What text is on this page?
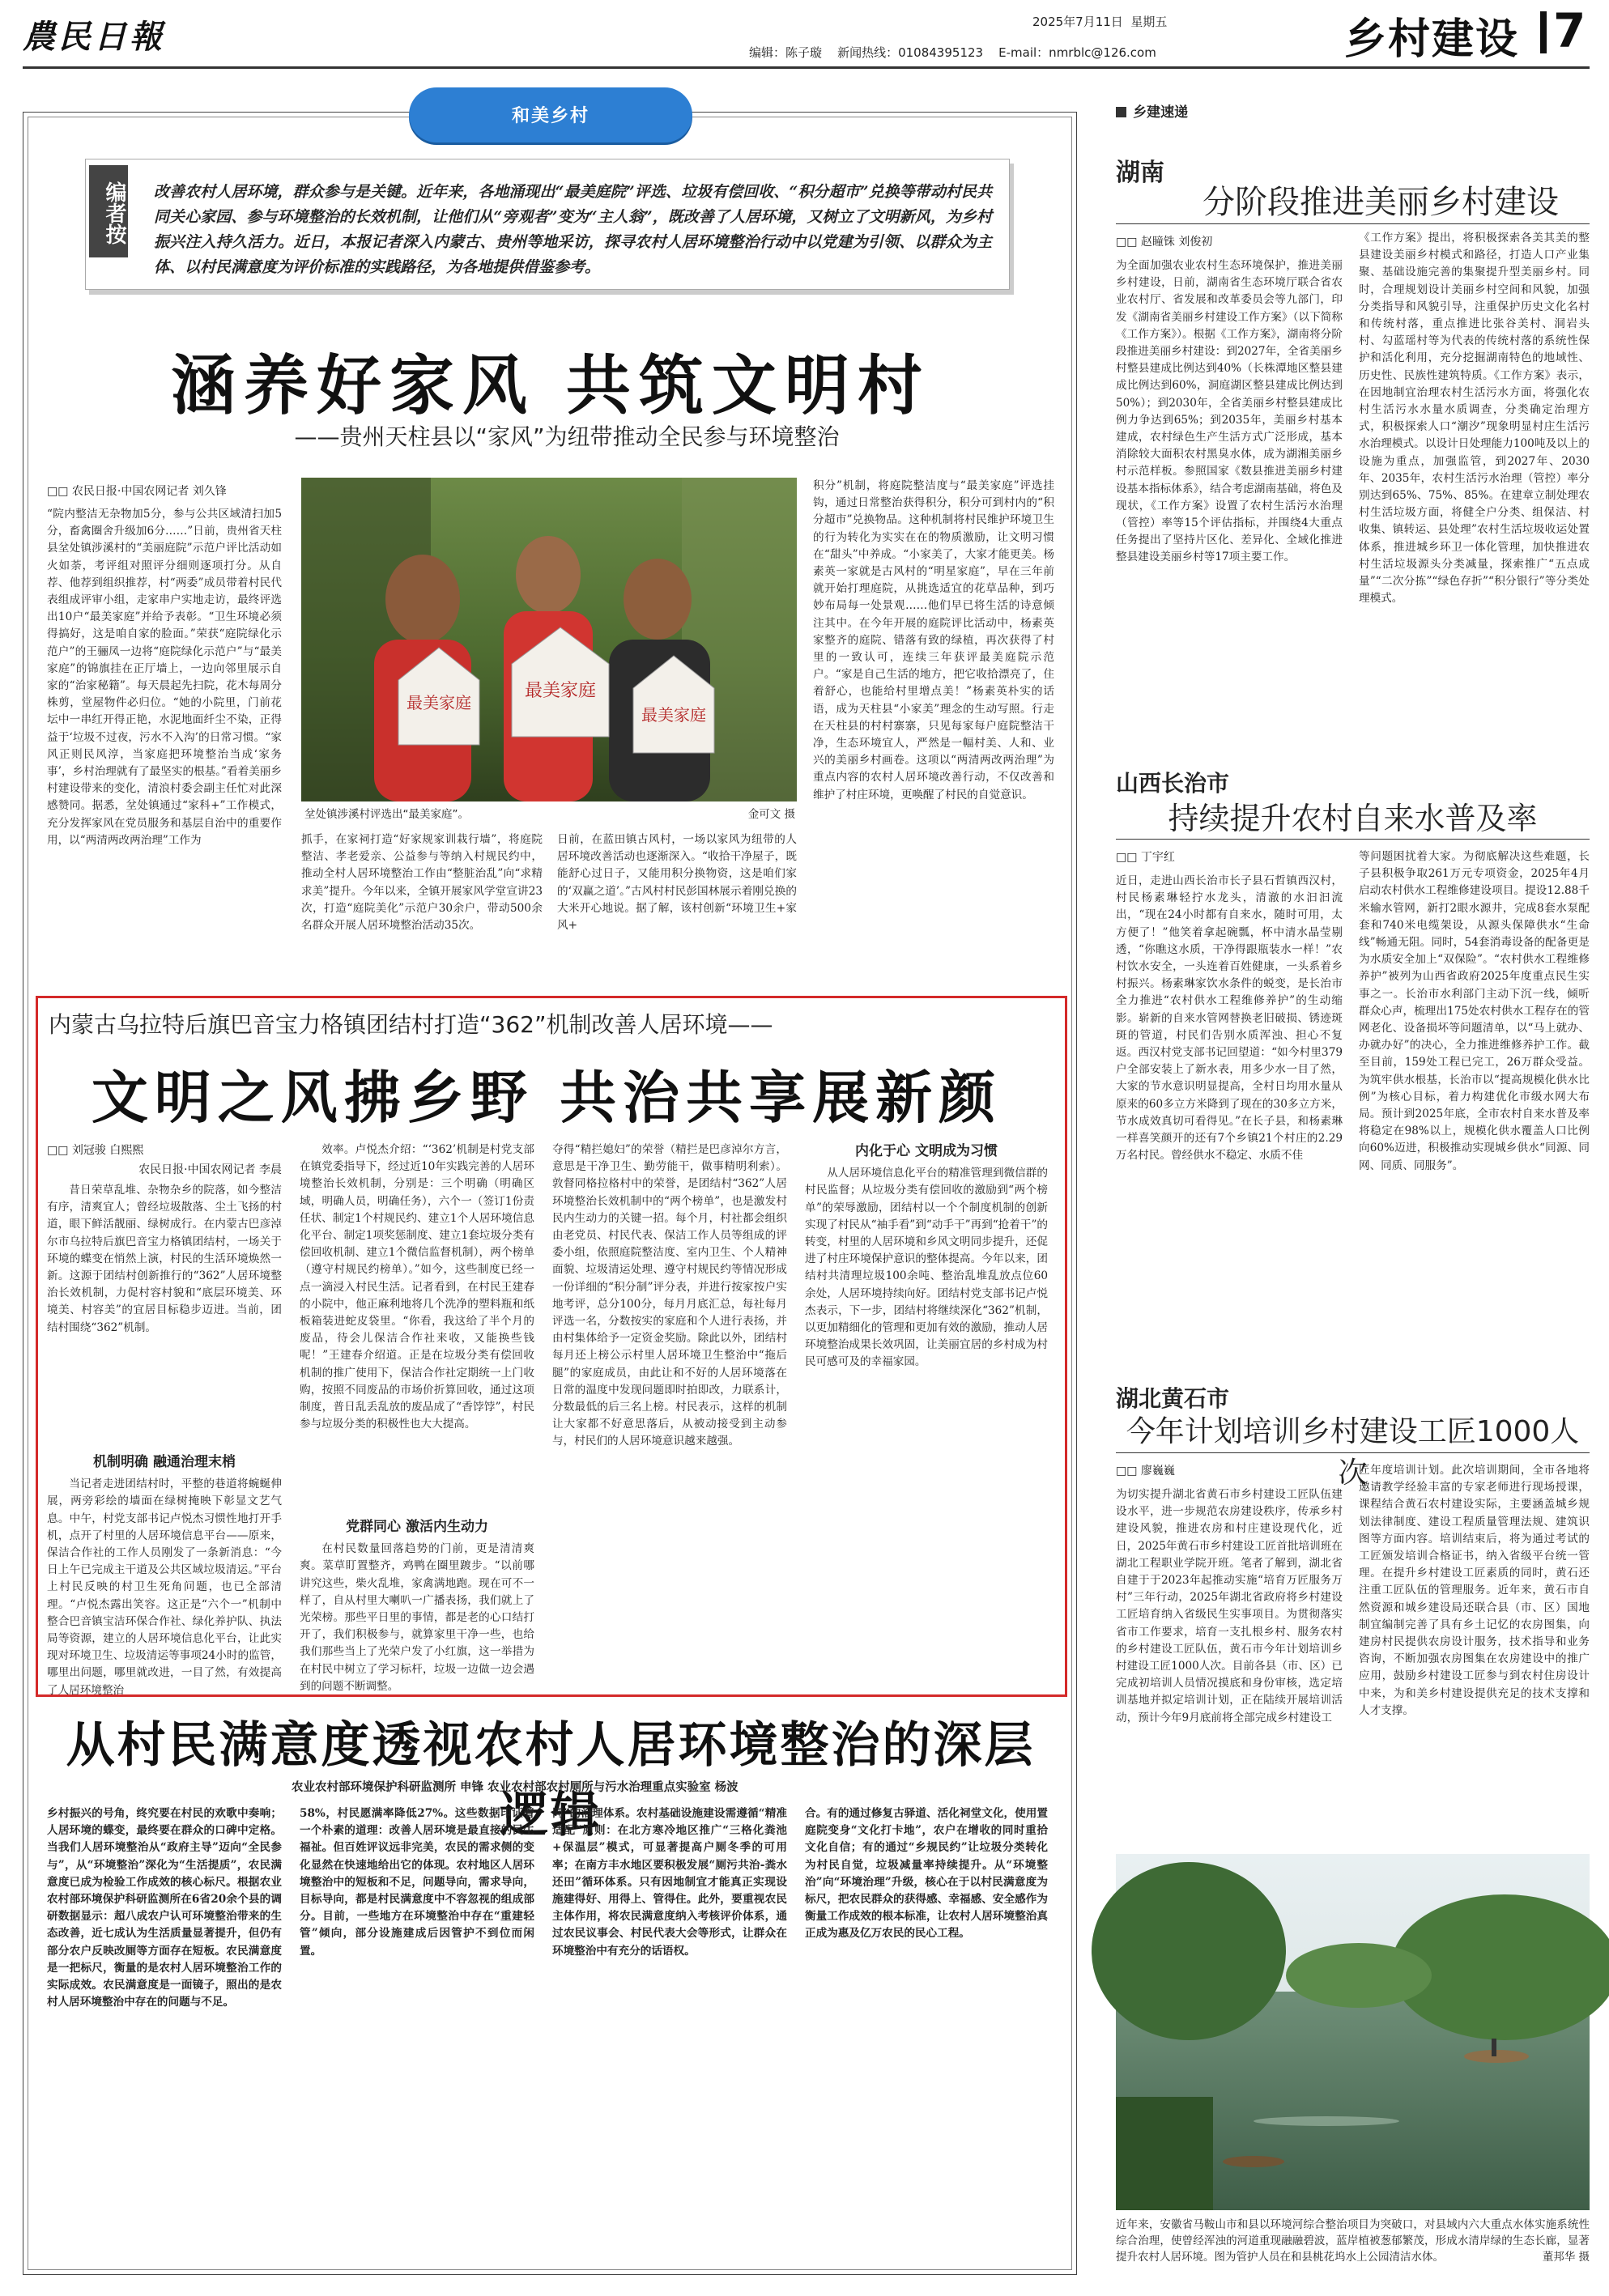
農民日報	2025年7月11日 星期五
编辑：陈子璇 新闻热线：01084395123 E-mail：nmrblc@126.com	乡村建设 7
和美乡村
编者按 改善农村人居环境，群众参与是关键。近年来，各地涌现出“最美庭院”评选、垃圾有偿回收、“积分超市”兑换等带动村民共同关心家园、参与环境整治的长效机制，让他们从“旁观者”变为“主人翁”，既改善了人居环境，又树立了文明新风，为乡村振兴注入持久活力。近日，本报记者深入内蒙古、贵州等地采访，探寻农村人居环境整治行动中以党建为引领、以群众为主体、以村民满意度为评价标准的实践路径，为各地提供借鉴参考。
涵养好家风 共筑文明村
——贵州天柱县以“家风”为纽带推动全民参与环境整治
□□ 农民日报·中国农网记者 刘久锋
“院内整洁无杂物加5分，参与公共区域清扫加5分，畜禽圈舍升级加6分……”日前，贵州省天柱县坌处镇涉溪村的“美丽庭院”示范户评比活动如火如荼，考评组对照评分细则逐项打分。从自荐、他荐到组织推荐，村“两委”成员带着村民代表组成评审小组，走家串户实地走访，最终评选出10户“最美家庭”并给予表彰。“卫生环境必须得搞好，这是咱自家的脸面。”荣获“庭院绿化示范户”的王骊凤一边将“庭院绿化示范户”与“最美家庭”的锦旗挂在正厅墙上，一边向邻里展示自家的“治家秘籍”。每天晨起先扫院，花木每周分株剪，堂屋物件必归位。“她的小院里，门前花坛中一串红开得正艳，水泥地面纤尘不染，正得益于‘垃圾不过夜，污水不入沟’的日常习惯。“家风正则民风淳，当家庭把环境整治当成‘家务事’，乡村治理就有了最坚实的根基。”看着美丽乡村建设带来的变化，清浪村委会副主任忙对此深感赞同。据悉，坌处镇通过“家科+”工作模式，充分发挥家风在党员服务和基层自治中的重要作用，以“两清两改两治理”工作为
最美家庭
最美家庭
最美家庭
坌处镇涉溪村评选出“最美家庭”。	金可文 摄
抓手，在家祠打造“好家规家训栽行墙”，将庭院整洁、孝老爱亲、公益参与等纳入村规民约中，推动全村人居环境整治工作由“整脏治乱”向“求精求美”提升。今年以来，全镇开展家风学堂宣讲23次，打造“庭院美化”示范户30余户，带动500余名群众开展人居环境整治活动35次。
日前，在蓝田镇古风村，一场以家风为纽带的人居环境改善活动也逐渐深入。“收拾干净屋子，既能舒心过日子，又能用积分换物资，这是咱们家的‘双赢之道’。”古风村村民彭国林展示着刚兑换的大米开心地说。据了解，该村创新“环境卫生+家风+
积分”机制，将庭院整洁度与“最美家庭”评选挂钩，通过日常整治获得积分，积分可到村内的“积分超市”兑换物品。这种机制将村民维护环境卫生的行为转化为实实在在的物质激励，让文明习惯在“甜头”中养成。“小家美了，大家才能更美。杨素英一家就是古风村的“明星家庭”，早在三年前就开始打理庭院，从挑选适宜的花草品种，到巧妙布局每一处景观……他们早已将生活的诗意倾注其中。在今年开展的庭院评比活动中，杨素英家整齐的庭院、错落有致的绿植，再次获得了村里的一致认可，连续三年获评最美庭院示范户。“家是自己生活的地方，把它收拾漂亮了，住着舒心，也能给村里增点美！”杨素英朴实的话语，成为天柱县“小家美”理念的生动写照。行走在天柱县的村村寨寨，只见每家每户庭院整洁干净，生态环境宜人，严然是一幅村美、人和、业兴的美丽乡村画卷。这项以“两清两改两治理”为重点内容的农村人居环境改善行动，不仅改善和维护了村庄环境，更唤醒了村民的自觉意识。
内蒙古乌拉特后旗巴音宝力格镇团结村打造“362”机制改善人居环境——
文明之风拂乡野 共治共享展新颜
□□ 刘冠骏 白熙熙
农民日报·中国农网记者 李晨
昔日荣草乱堆、杂物杂乡的院落，如今整洁有序，清爽宜人；曾经垃圾散落、尘土飞扬的村道，眼下鲜活靓丽、绿树成行。在内蒙古巴彦淖尔市乌拉特后旗巴音宝力格镇团结村，一场关于环境的蝶变在悄然上演，村民的生活环境焕然一新。这源于团结村创新推行的“362”人居环境整治长效机制，力促村容村貌和“底层环境美、环境美、村容美”的宜居目标稳步迈进。当前，团结村围绕“362”机制。
机制明确 融通治理末梢
当记者走进团结村时，平整的巷道将蜿蜒伸展，两旁彩绘的墙面在绿树掩映下彰显文艺气息。中午，村党支部书记卢悦杰习惯性地打开手机，点开了村里的人居环境信息平台——原来，保洁合作社的工作人员刚发了一条新消息：“今日上午已完成主干道及公共区域垃圾清运。”平台上村民反映的村卫生死角问题，也已全部清理。“卢悦杰露出笑容。这正是“六个一”机制中整合巴音镇宝洁环保合作社、绿化养护队、执法局等资源，建立的人居环境信息化平台，让此实现对环境卫生、垃圾清运等事项24小时的监管，哪里出问题，哪里就改进，一目了然，有效提高了人居环境整治
效率。卢悦杰介绍：“‘362’机制是村党支部在镇党委指导下，经过近10年实践完善的人居环境整治长效机制，分别是：三个明确（明确区域，明确人员，明确任务），六个一（签订1份责任状、制定1个村规民约、建立1个人居环境信息化平台、制定1项奖惩制度、建立1套垃圾分类有偿回收机制、建立1个微信监督机制），两个榜单（遵守村规民约榜单）。”如今，这些制度已经一点一滴浸入村民生活。记者看到，在村民王建春的小院中，他正麻利地将几个洗净的塑料瓶和纸板箱装进蛇皮袋里。“你看，我这给了半个月的废品，待会儿保洁合作社来收，又能换些钱呢！”王建春介绍道。正是在垃圾分类有偿回收机制的推广使用下，保洁合作社定期统一上门收购，按照不同废品的市场价折算回收，通过这项制度，普日乱丢乱放的废品成了“香饽饽”，村民参与垃圾分类的积极性也大大提高。
党群同心 激活内生动力
在村民数量回落趋势的门前，更是清清爽爽。菜草盯置整齐，鸡鸭在圈里踱步。“以前哪讲究这些，柴火乱堆，家禽满地跑。现在可不一样了，自从村里大喇叭一广播表扬，我们就上了光荣榜。那些平日里的事情，都是老的心口结打开了，我们积极参与，就算家里干净一些，也给我们那些当上了光荣户发了小红旗，这一举措为在村民中树立了学习标杆，垃圾一边做一边会遇到的问题不断调整。
夺得“精拦媳妇”的荣誉（精拦是巴彦淖尔方言，意思是干净卫生、勤劳能干，做事精明利索）。敦督同格拉格村中的荣誉，是团结村“362”人居环境整治长效机制中的“两个榜单”，也是激发村民内生动力的关键一招。每个月，村社都会组织由老党员、村民代表、保洁工作人员等组成的评委小组，依照庭院整洁度、室内卫生、个人精神面貌、垃圾清运处理、遵守村规民约等情况形成一份详细的“积分制”评分表，并进行按家按户实地考评，总分100分，每月月底汇总，每社每月评选一名，分数按实的家庭和个人进行表扬，并由村集体给予一定资金奖励。除此以外，团结村每月还上榜公示村里人居环境卫生整治中“拖后腿”的家庭成员，由此让和不好的人居环境落在日常的温度中发现问题即时拍即改，力联系计，分数最低的后三名上榜。村民表示，这样的机制让大家都不好意思落后，从被动接受到主动参与，村民们的人居环境意识越来越强。
内化于心 文明成为习惯
从人居环境信息化平台的精准管理到微信群的村民监督；从垃圾分类有偿回收的激励到“两个榜单”的荣辱激励，团结村以一个个制度机制的创新实现了村民从“袖手看”到“动手干”再到“抢着干”的转变，村里的人居环境和乡风文明同步提升，还促进了村庄环境保护意识的整体提高。今年以来，团结村共清理垃圾100余吨、整治乱堆乱放点位60余处，人居环境持续向好。团结村党支部书记卢悦杰表示，下一步，团结村将继续深化“362”机制，以更加精细化的管理和更加有效的激励，推动人居环境整治成果长效巩固，让美丽宜居的乡村成为村民可感可及的幸福家园。
从村民满意度透视农村人居环境整治的深层逻辑
农业农村部环境保护科研监测所 申锋 农业农村部农村厕所与污水治理重点实验室 杨波
乡村振兴的号角，终究要在村民的欢歌中奏响；人居环境的蝶变，最终要在群众的口碑中定格。当我们人居环境整治从“政府主导”迈向“全民参与”，从“环境整治”深化为“生活提质”，农民满意度已成为检验工作成效的核心标尺。根据农业农村部环境保护科研监测所在6省20余个县的调研数据显示：超八成农户认可环境整治带来的生态改善，近七成认为生活质量显著提升，但仍有部分农户反映改厕等方面存在短板。农民满意度是一把标尺，衡量的是农村人居环境整治工作的实际成效。农民满意度是一面镜子，照出的是农村人居环境整治中存在的问题与不足。
58%，村民愿满率降低27%。这些数据印证着一个朴素的道理：改善人居环境是最直接的民生福祉。但百姓评议远非完美，农民的需求侧的变化显然在快速地给出它的体现。农村地区人居环境整治中的短板和不足，问题导向，需求导向，目标导向，都是村民满意度中不容忽视的组成部分。目前，一些地方在环境整治中存在“重建轻管”倾向，部分设施建成后因管护不到位而闲置。
同”的治理体系。农村基础设施建设需遵循“精准适配”原则：在北方寒冷地区推广“三格化粪池+保温层”模式，可显著提高户厕冬季的可用率；在南方丰水地区要积极发展“厕污共治-粪水还田”循环体系。只有因地制宜才能真正实现设施建得好、用得上、管得住。此外，要重视农民主体作用，将农民满意度纳入考核评价体系，通过农民议事会、村民代表大会等形式，让群众在环境整治中有充分的话语权。
合。有的通过修复古驿道、活化祠堂文化，使用置庭院变身“文化打卡地”，农户在增收的同时重拾文化自信；有的通过“乡规民约”让垃圾分类转化为村民自觉，垃圾减量率持续提升。从“环境整治”向“环境治理”升级，核心在于以村民满意度为标尺，把农民群众的获得感、幸福感、安全感作为衡量工作成效的根本标准，让农村人居环境整治真正成为惠及亿万农民的民心工程。
乡建速递
湖南
分阶段推进美丽乡村建设
□□ 赵瞳铢 刘俊初
为全面加强农业农村生态环境保护，推进美丽乡村建设，日前，湖南省生态环境厅联合省农业农村厅、省发展和改革委员会等九部门，印发《湖南省美丽乡村建设工作方案》（以下简称《工作方案》）。根据《工作方案》，湖南将分阶段推进美丽乡村建设：到2027年，全省美丽乡村整县建成比例达到40%（长株潭地区整县建成比例达到60%，洞庭湖区整县建成比例达到50%）；到2030年，全省美丽乡村整县建成比例力争达到65%；到2035年，美丽乡村基本建成，农村绿色生产生活方式广泛形成，基本消除较大面积农村黑臭水体，成为湖湘美丽乡村示范样板。参照国家《数县推进美丽乡村建设基本指标体系》，结合考虑湖南基础，将色及现状，《工作方案》设置了农村生活污水治理（管控）率等15个评估指标，并围绕4大重点任务提出了坚持片区化、差异化、全域化推进整县建设美丽乡村等17项主要工作。
《工作方案》提出，将积极探索各美其美的整县建设美丽乡村模式和路径，打造人口产业集聚、基础设施完善的集聚提升型美丽乡村。同时，合理规划设计美丽乡村空间和风貌，加强分类指导和风貌引导，注重保护历史文化名村和传统村落，重点推进比张谷美村、洞岩头村、勾蓝瑶村等为代表的传统村落的系统性保护和活化利用，充分挖掘湖南特色的地域性、历史性、民族性建筑特质。《工作方案》表示，在因地制宜治理农村生活污水方面，将强化农村生活污水水量水质调查，分类确定治理方式，积极探索人口“潮汐”现象明显村庄生活污水治理模式。以设计日处理能力100吨及以上的设施为重点，加强监管，到2027年、2030年、2035年，农村生活污水治理（管控）率分别达到65%、75%、85%。在建章立制处理农村生活垃圾方面，将健全户分类、组保洁、村收集、镇转运、县处理”农村生活垃圾收运处置体系，推进城乡环卫一体化管理，加快推进农村生活垃圾源头分类减量，探索推广“五点成量”“二次分拣”“绿色存折”“积分银行”等分类处理模式。
山西长治市
持续提升农村自来水普及率
□□ 丁宇红
近日，走进山西长治市长子县石哲镇西汉村，村民杨素琳轻拧水龙头，清澈的水汩汩流出，“现在24小时都有自来水，随时可用，太方便了！”他笑着拿起碗瓢，杯中清水晶莹剔透，“你瞧这水质，干净得跟瓶装水一样！”农村饮水安全，一头连着百姓健康，一头系着乡村振兴。杨素琳家饮水条件的蜕变，是长治市全力推进“农村供水工程维修养护”的生动缩影。崭新的自来水管网替换老旧破损、锈迹斑斑的管道，村民们告别水质浑浊、担心不复返。西汉村党支部书记回望道：“如今村里379户全部安装上了新水表，用多少水一目了然，大家的节水意识明显提高，全村日均用水量从原来的60多立方米降到了现在的30多立方米，节水成效真切可看得见。”在长子县，和杨素琳一样喜笑颜开的还有7个乡镇21个村庄的2.29万名村民。曾经供水不稳定、水质不佳
等问题困扰着大家。为彻底解决这些难题，长子县积极争取261万元专项资金，2025年4月启动农村供水工程维修建设项目。提设12.88千米输水管网，新打2眼水源井，完成8套水泵配套和740米电缆架设，从源头保障供水“生命线”畅通无阻。同时，54套消毒设备的配备更是为水质安全加上“双保险”。“农村供水工程维修养护”被列为山西省政府2025年度重点民生实事之一。长治市水利部门主动下沉一线，倾听群众心声，梳理出175处农村供水工程存在的管网老化、设备损坏等问题清单，以“马上就办、办就办好”的决心，全力推进维修养护工作。截至目前，159处工程已完工，26万群众受益。为筑牢供水根基，长治市以“提高规模化供水比例”为核心目标，着力构建优化市级水网大布局。预计到2025年底，全市农村自来水普及率将稳定在98%以上，规模化供水覆盖人口比例向60%迈进，积极推动实现城乡供水“同源、同网、同质、同服务”。
湖北黄石市
今年计划培训乡村建设工匠1000人次
□□ 廖巍巍
为切实提升湖北省黄石市乡村建设工匠队伍建设水平，进一步规范农房建设秩序，传承乡村建设风貌，推进农房和村庄建设现代化，近日，2025年黄石市乡村建设工匠首批培训班在湖北工程职业学院开班。笔者了解到，湖北省自建于于2023年起推动实施“培育万匠服务万村”三年行动，2025年湖北省政府将乡村建设工匠培育纳入省级民生实事项目。为贯彻落实省市工作要求，培育一支扎根乡村、服务农村的乡村建设工匠队伍，黄石市今年计划培训乡村建设工匠1000人次。目前各县（市、区）已完成初培训人员情况摸底和身份审核，选定培训基地并拟定培训计划，正在陆续开展培训活动，预计今年9月底前将全部完成乡村建设工
匠年度培训计划。此次培训期间，全市各地将邀请教学经验丰富的专家老师进行现场授课，课程结合黄石农村建设实际，主要涵盖城乡规划法律制度、建设工程质量管理法规、建筑识图等方面内容。培训结束后，将为通过考试的工匠颁发培训合格证书，纳入省级平台统一管理。在提升乡村建设工匠素质的同时，黄石还注重工匠队伍的管理服务。近年来，黄石市自然资源和城乡建设局还联合县（市、区）国地制宜编制完善了具有乡土记忆的农房图集，向建房村民提供农房设计服务，技术指导和业务咨询，不断加强农房图集在农房建设中的推广应用，鼓励乡村建设工匠参与到农村住房设计中来，为和美乡村建设提供充足的技术支撑和人才支撑。
近年来，安徽省马鞍山市和县以环境河综合整治项目为突破口，对县域内六大重点水体实施系统性综合治理，使曾经浑浊的河道重现融融碧波，蓝岸植被葱郁繁茂，形成水清岸绿的生态长廊，显著提升农村人居环境。图为管护人员在和县桃花坞水上公园清洁水体。	董邦华 摄
